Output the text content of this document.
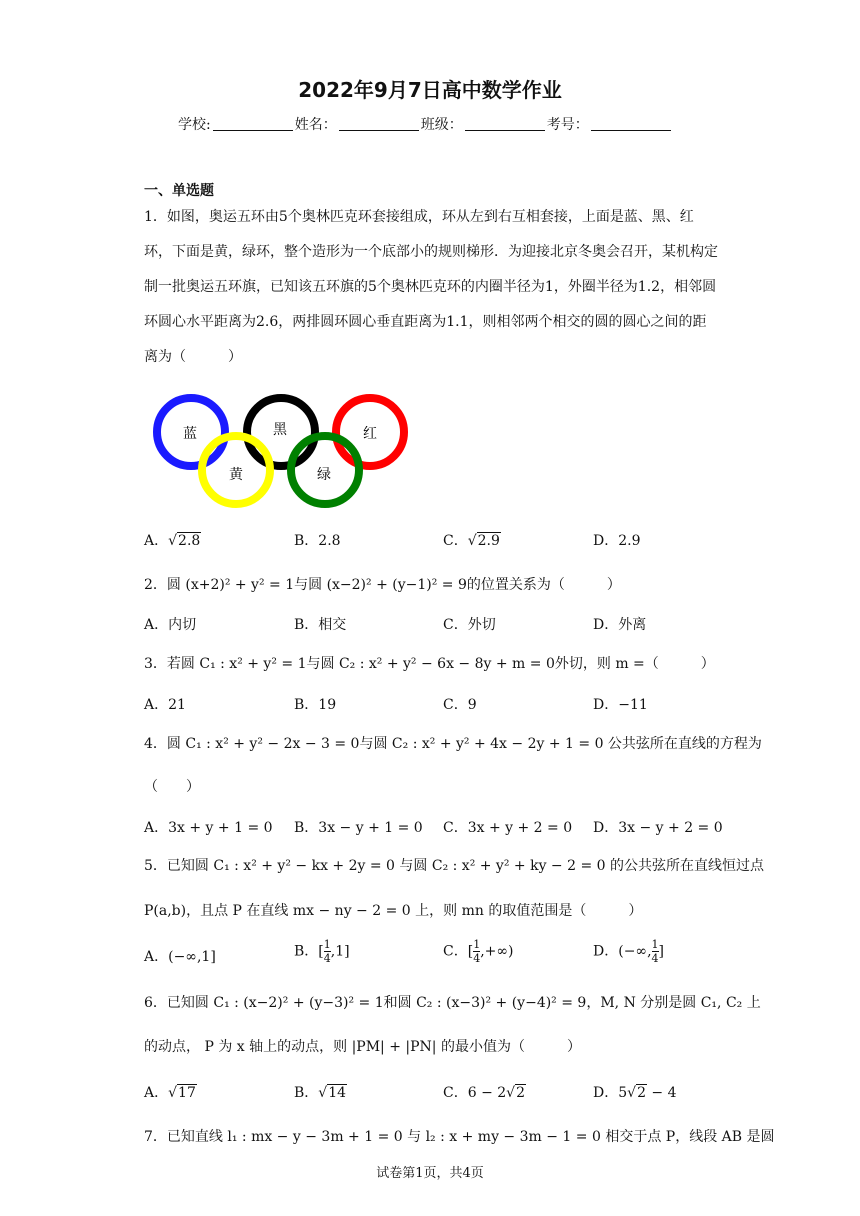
2022年9月7日高中数学作业
学校:	姓名：	班级：	考号：
一、单选题
1．如图，奥运五环由5个奥林匹克环套接组成，环从左到右互相套接，上面是蓝、黑、红环，下面是黄，绿环，整个造形为一个底部小的规则梯形．为迎接北京冬奥会召开，某机构定制一批奥运五环旗，已知该五环旗的5个奥林匹克环的内圈半径为1，外圈半径为1.2，相邻圆环圆心水平距离为2.6，两排圆环圆心垂直距离为1.1，则相邻两个相交的圆的圆心之间的距离为（　　　）
蓝	黑	红
黄	绿
A．√2.8	B．2.8	C．√2.9	D．2.9
2．圆 (x+2)² + y² = 1与圆 (x−2)² + (y−1)² = 9的位置关系为（　　　）
A．内切	B．相交	C．外切	D．外离
3．若圆 C₁ : x² + y² = 1与圆 C₂ : x² + y² − 6x − 8y + m = 0外切，则 m =（　　　）
A．21	B．19	C．9	D．−11
4．圆 C₁ : x² + y² − 2x − 3 = 0与圆 C₂ : x² + y² + 4x − 2y + 1 = 0 公共弦所在直线的方程为
（　　）
A．3x + y + 1 = 0 B．3x − y + 1 = 0 C．3x + y + 2 = 0 D．3x − y + 2 = 0
5．已知圆 C₁ : x² + y² − kx + 2y = 0 与圆 C₂ : x² + y² + ky − 2 = 0 的公共弦所在直线恒过点
P(a,b)，且点 P 在直线 mx − ny − 2 = 0 上，则 mn 的取值范围是（　　　）
A．(−∞,1]	B．[ $\frac{1}{4} ,1$]	C．[ $\frac{1}{4}$ ,+∞)	D．(−∞, $\frac{1}{4}$ ]
6．已知圆 C₁ : (x−2)² + (y−3)² = 1和圆 C₂ : (x−3)² + (y−4)² = 9，M, N 分别是圆 C₁, C₂ 上
的动点， P 为 x 轴上的动点，则 |PM| + |PN| 的最小值为（　　　）
A．√17	B．√14	C．6 − 2√2	D．5√2 − 4
7．已知直线 l₁ : mx − y − 3m + 1 = 0 与 l₂ : x + my − 3m − 1 = 0 相交于点 P，线段 AB 是圆
试卷第1页，共4页
